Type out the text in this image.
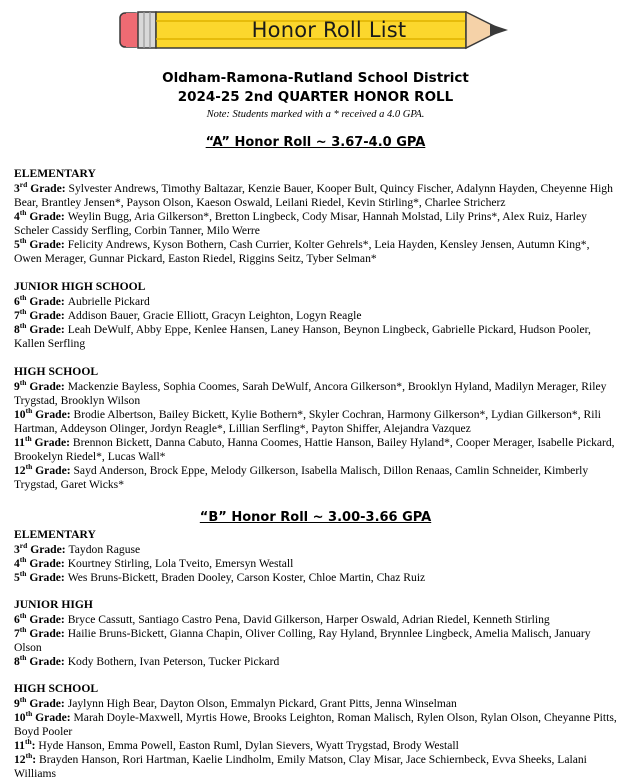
Honor Roll List
Oldham-Ramona-Rutland School District
2024-25 2nd QUARTER HONOR ROLL
Note: Students marked with a * received a 4.0 GPA.
“A” Honor Roll ~ 3.67-4.0 GPA
ELEMENTARY

3rd Grade: Sylvester Andrews, Timothy Baltazar, Kenzie Bauer, Kooper Bult, Quincy Fischer, Adalynn Hayden, Cheyenne High Bear, Brantley Jensen*, Payson Olson, Kaeson Oswald, Leilani Riedel, Kevin Stirling*, Charlee Stricherz

4th Grade: Weylin Bugg, Aria Gilkerson*, Bretton Lingbeck, Cody Misar, Hannah Molstad, Lily Prins*, Alex Ruiz, Harley Scheler Cassidy Serfling, Corbin Tanner, Milo Werre

5th Grade: Felicity Andrews, Kyson Bothern, Cash Currier, Kolter Gehrels*, Leia Hayden, Kensley Jensen, Autumn King*, Owen Merager, Gunnar Pickard, Easton Riedel, Riggins Seitz, Tyber Selman*

JUNIOR HIGH SCHOOL

6th Grade: Aubrielle Pickard

7th Grade: Addison Bauer, Gracie Elliott, Gracyn Leighton, Logyn Reagle

8th Grade: Leah DeWulf, Abby Eppe, Kenlee Hansen, Laney Hanson, Beynon Lingbeck, Gabrielle Pickard, Hudson Pooler, Kallen Serfling

HIGH SCHOOL

9th Grade: Mackenzie Bayless, Sophia Coomes, Sarah DeWulf, Ancora Gilkerson*, Brooklyn Hyland, Madilyn Merager, Riley Trygstad, Brooklyn Wilson

10th Grade: Brodie Albertson, Bailey Bickett, Kylie Bothern*, Skyler Cochran, Harmony Gilkerson*, Lydian Gilkerson*, Rili Hartman, Addeyson Olinger, Jordyn Reagle*, Lillian Serfling*, Payton Shiffer, Alejandra Vazquez

11th Grade: Brennon Bickett, Danna Cabuto, Hanna Coomes, Hattie Hanson, Bailey Hyland*, Cooper Merager, Isabelle Pickard, Brookelyn Riedel*, Lucas Wall*

12th Grade: Sayd Anderson, Brock Eppe, Melody Gilkerson, Isabella Malisch, Dillon Renaas, Camlin Schneider, Kimberly Trygstad, Garet Wicks*

“B” Honor Roll ~ 3.00-3.66 GPA
ELEMENTARY

3rd Grade: Taydon Raguse

4th Grade: Kourtney Stirling, Lola Tveito, Emersyn Westall

5th Grade: Wes Bruns-Bickett, Braden Dooley, Carson Koster, Chloe Martin, Chaz Ruiz

JUNIOR HIGH

6th Grade: Bryce Cassutt, Santiago Castro Pena, David Gilkerson, Harper Oswald, Adrian Riedel, Kenneth Stirling

7th Grade: Hailie Bruns-Bickett, Gianna Chapin, Oliver Colling, Ray Hyland, Brynnlee Lingbeck, Amelia Malisch, January Olson

8th Grade: Kody Bothern, Ivan Peterson, Tucker Pickard

HIGH SCHOOL

9th Grade: Jaylynn High Bear, Dayton Olson, Emmalyn Pickard, Grant Pitts, Jenna Winselman

10th Grade: Marah Doyle-Maxwell, Myrtis Howe, Brooks Leighton, Roman Malisch, Rylen Olson, Rylan Olson, Cheyanne Pitts, Boyd Pooler

11th: Hyde Hanson, Emma Powell, Easton Ruml, Dylan Sievers, Wyatt Trygstad, Brody Westall

12th: Brayden Hanson, Rori Hartman, Kaelie Lindholm, Emily Matson, Clay Misar, Jace Schiernbeck, Evva Sheeks, Lalani Williams
